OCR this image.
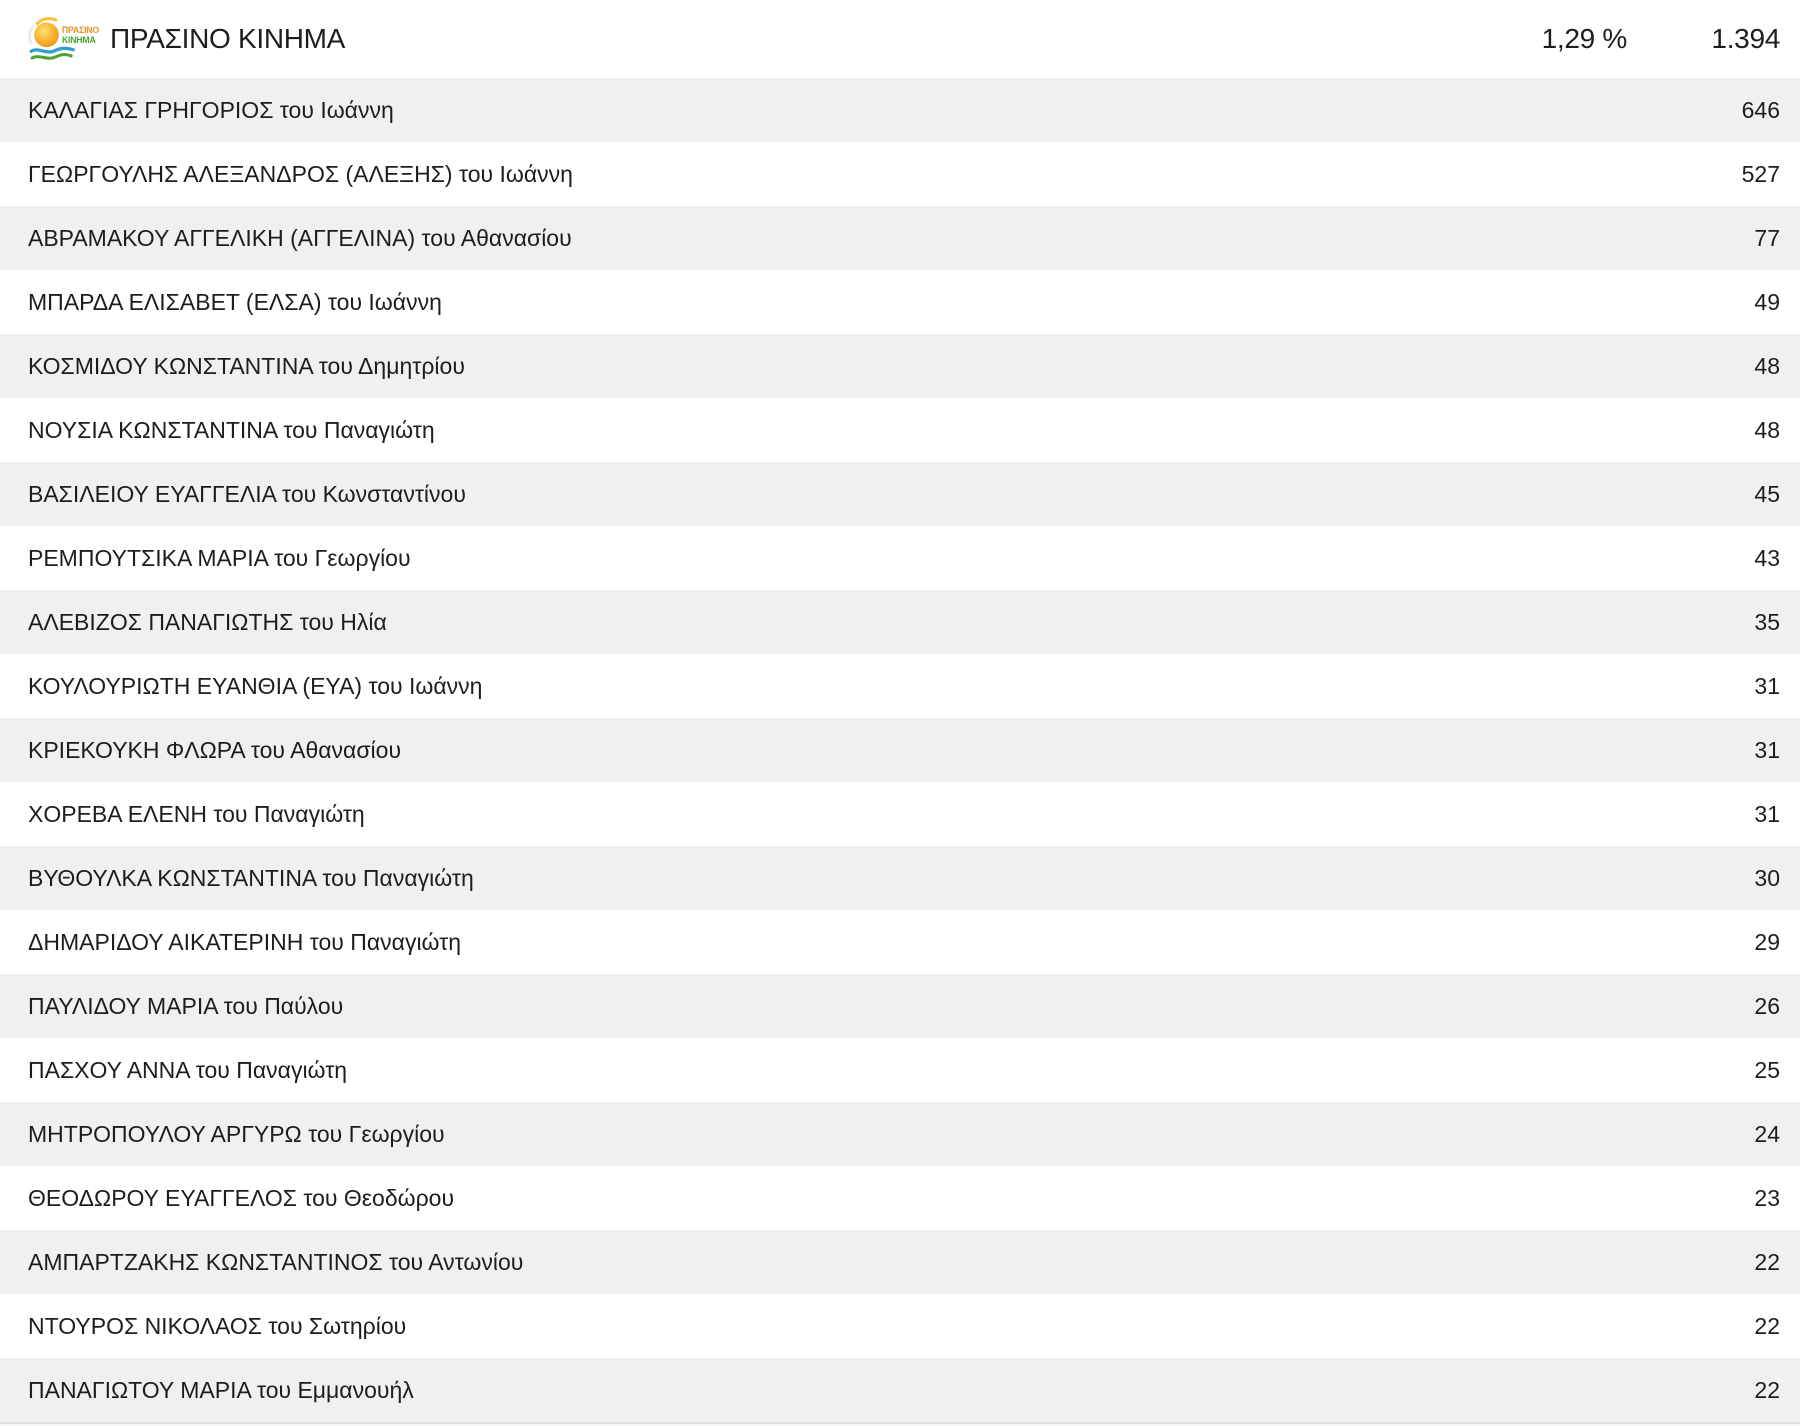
ΠΡΑΣΙΝΟ
ΚΙΝΗΜΑ ΠΡΑΣΙΝΟ ΚΙΝΗΜΑ	1,29 %	1.394
ΚΑΛΑΓΙΑΣ ΓΡΗΓΟΡΙΟΣ του Ιωάννη	646
ΓΕΩΡΓΟΥΛΗΣ ΑΛΕΞΑΝΔΡΟΣ (ΑΛΕΞΗΣ) του Ιωάννη	527
ΑΒΡΑΜΑΚΟΥ ΑΓΓΕΛΙΚΗ (ΑΓΓΕΛΙΝΑ) του Αθανασίου	77
ΜΠΑΡΔΑ ΕΛΙΣΑΒΕΤ (ΕΛΣΑ) του Ιωάννη	49
ΚΟΣΜΙΔΟΥ ΚΩΝΣΤΑΝΤΙΝΑ του Δημητρίου	48
ΝΟΥΣΙΑ ΚΩΝΣΤΑΝΤΙΝΑ του Παναγιώτη	48
ΒΑΣΙΛΕΙΟΥ ΕΥΑΓΓΕΛΙΑ του Κωνσταντίνου	45
ΡΕΜΠΟΥΤΣΙΚΑ ΜΑΡΙΑ του Γεωργίου	43
ΑΛΕΒΙΖΟΣ ΠΑΝΑΓΙΩΤΗΣ του Ηλία	35
ΚΟΥΛΟΥΡΙΩΤΗ ΕΥΑΝΘΙΑ (ΕΥΑ) του Ιωάννη	31
ΚΡΙΕΚΟΥΚΗ ΦΛΩΡΑ του Αθανασίου	31
ΧΟΡΕΒΑ ΕΛΕΝΗ του Παναγιώτη	31
ΒΥΘΟΥΛΚΑ ΚΩΝΣΤΑΝΤΙΝΑ του Παναγιώτη	30
ΔΗΜΑΡΙΔΟΥ ΑΙΚΑΤΕΡΙΝΗ του Παναγιώτη	29
ΠΑΥΛΙΔΟΥ ΜΑΡΙΑ του Παύλου	26
ΠΑΣΧΟΥ ΑΝΝΑ του Παναγιώτη	25
ΜΗΤΡΟΠΟΥΛΟΥ ΑΡΓΥΡΩ του Γεωργίου	24
ΘΕΟΔΩΡΟΥ ΕΥΑΓΓΕΛΟΣ του Θεοδώρου	23
ΑΜΠΑΡΤΖΑΚΗΣ ΚΩΝΣΤΑΝΤΙΝΟΣ του Αντωνίου	22
ΝΤΟΥΡΟΣ ΝΙΚΟΛΑΟΣ του Σωτηρίου	22
ΠΑΝΑΓΙΩΤΟΥ ΜΑΡΙΑ του Εμμανουήλ	22
